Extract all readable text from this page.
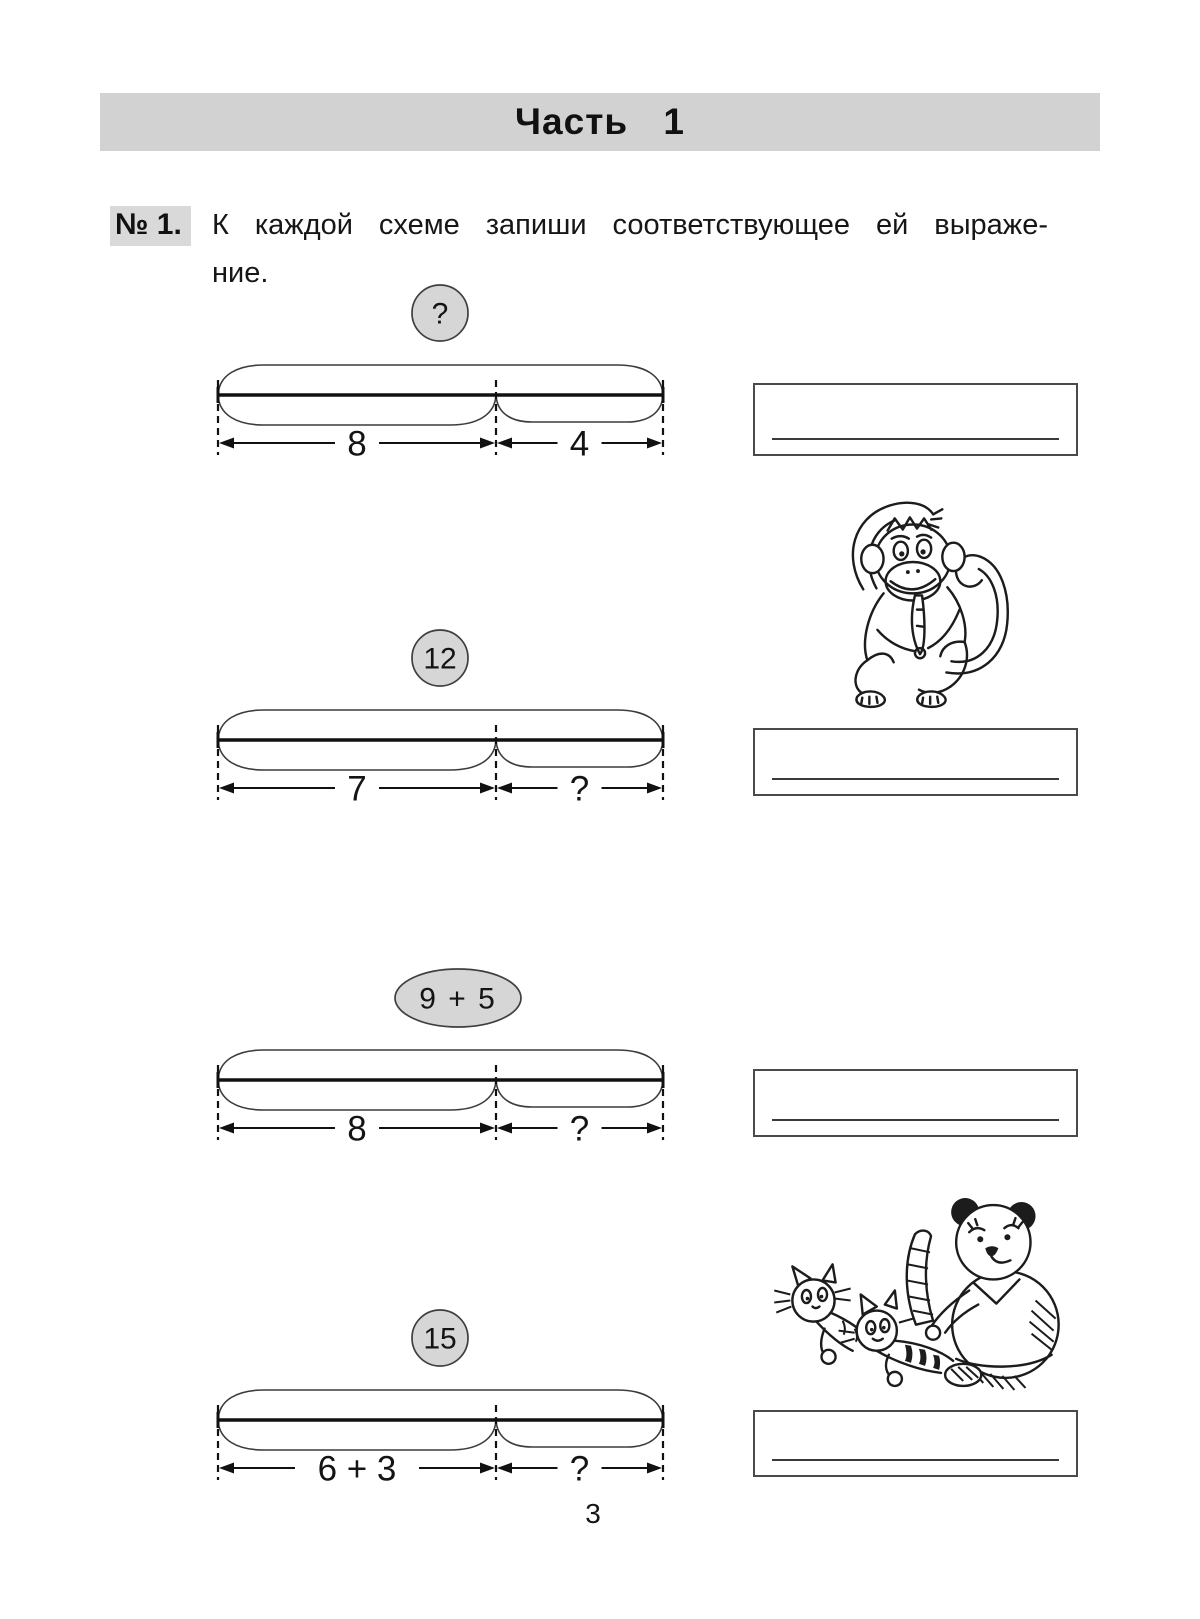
Часть 1
№ 1.	К каждой схеме запиши соответствующее ей выраже-
ние.
?
8	4
12
7	?
9 + 5
8	?
15
6 + 3	?
3
